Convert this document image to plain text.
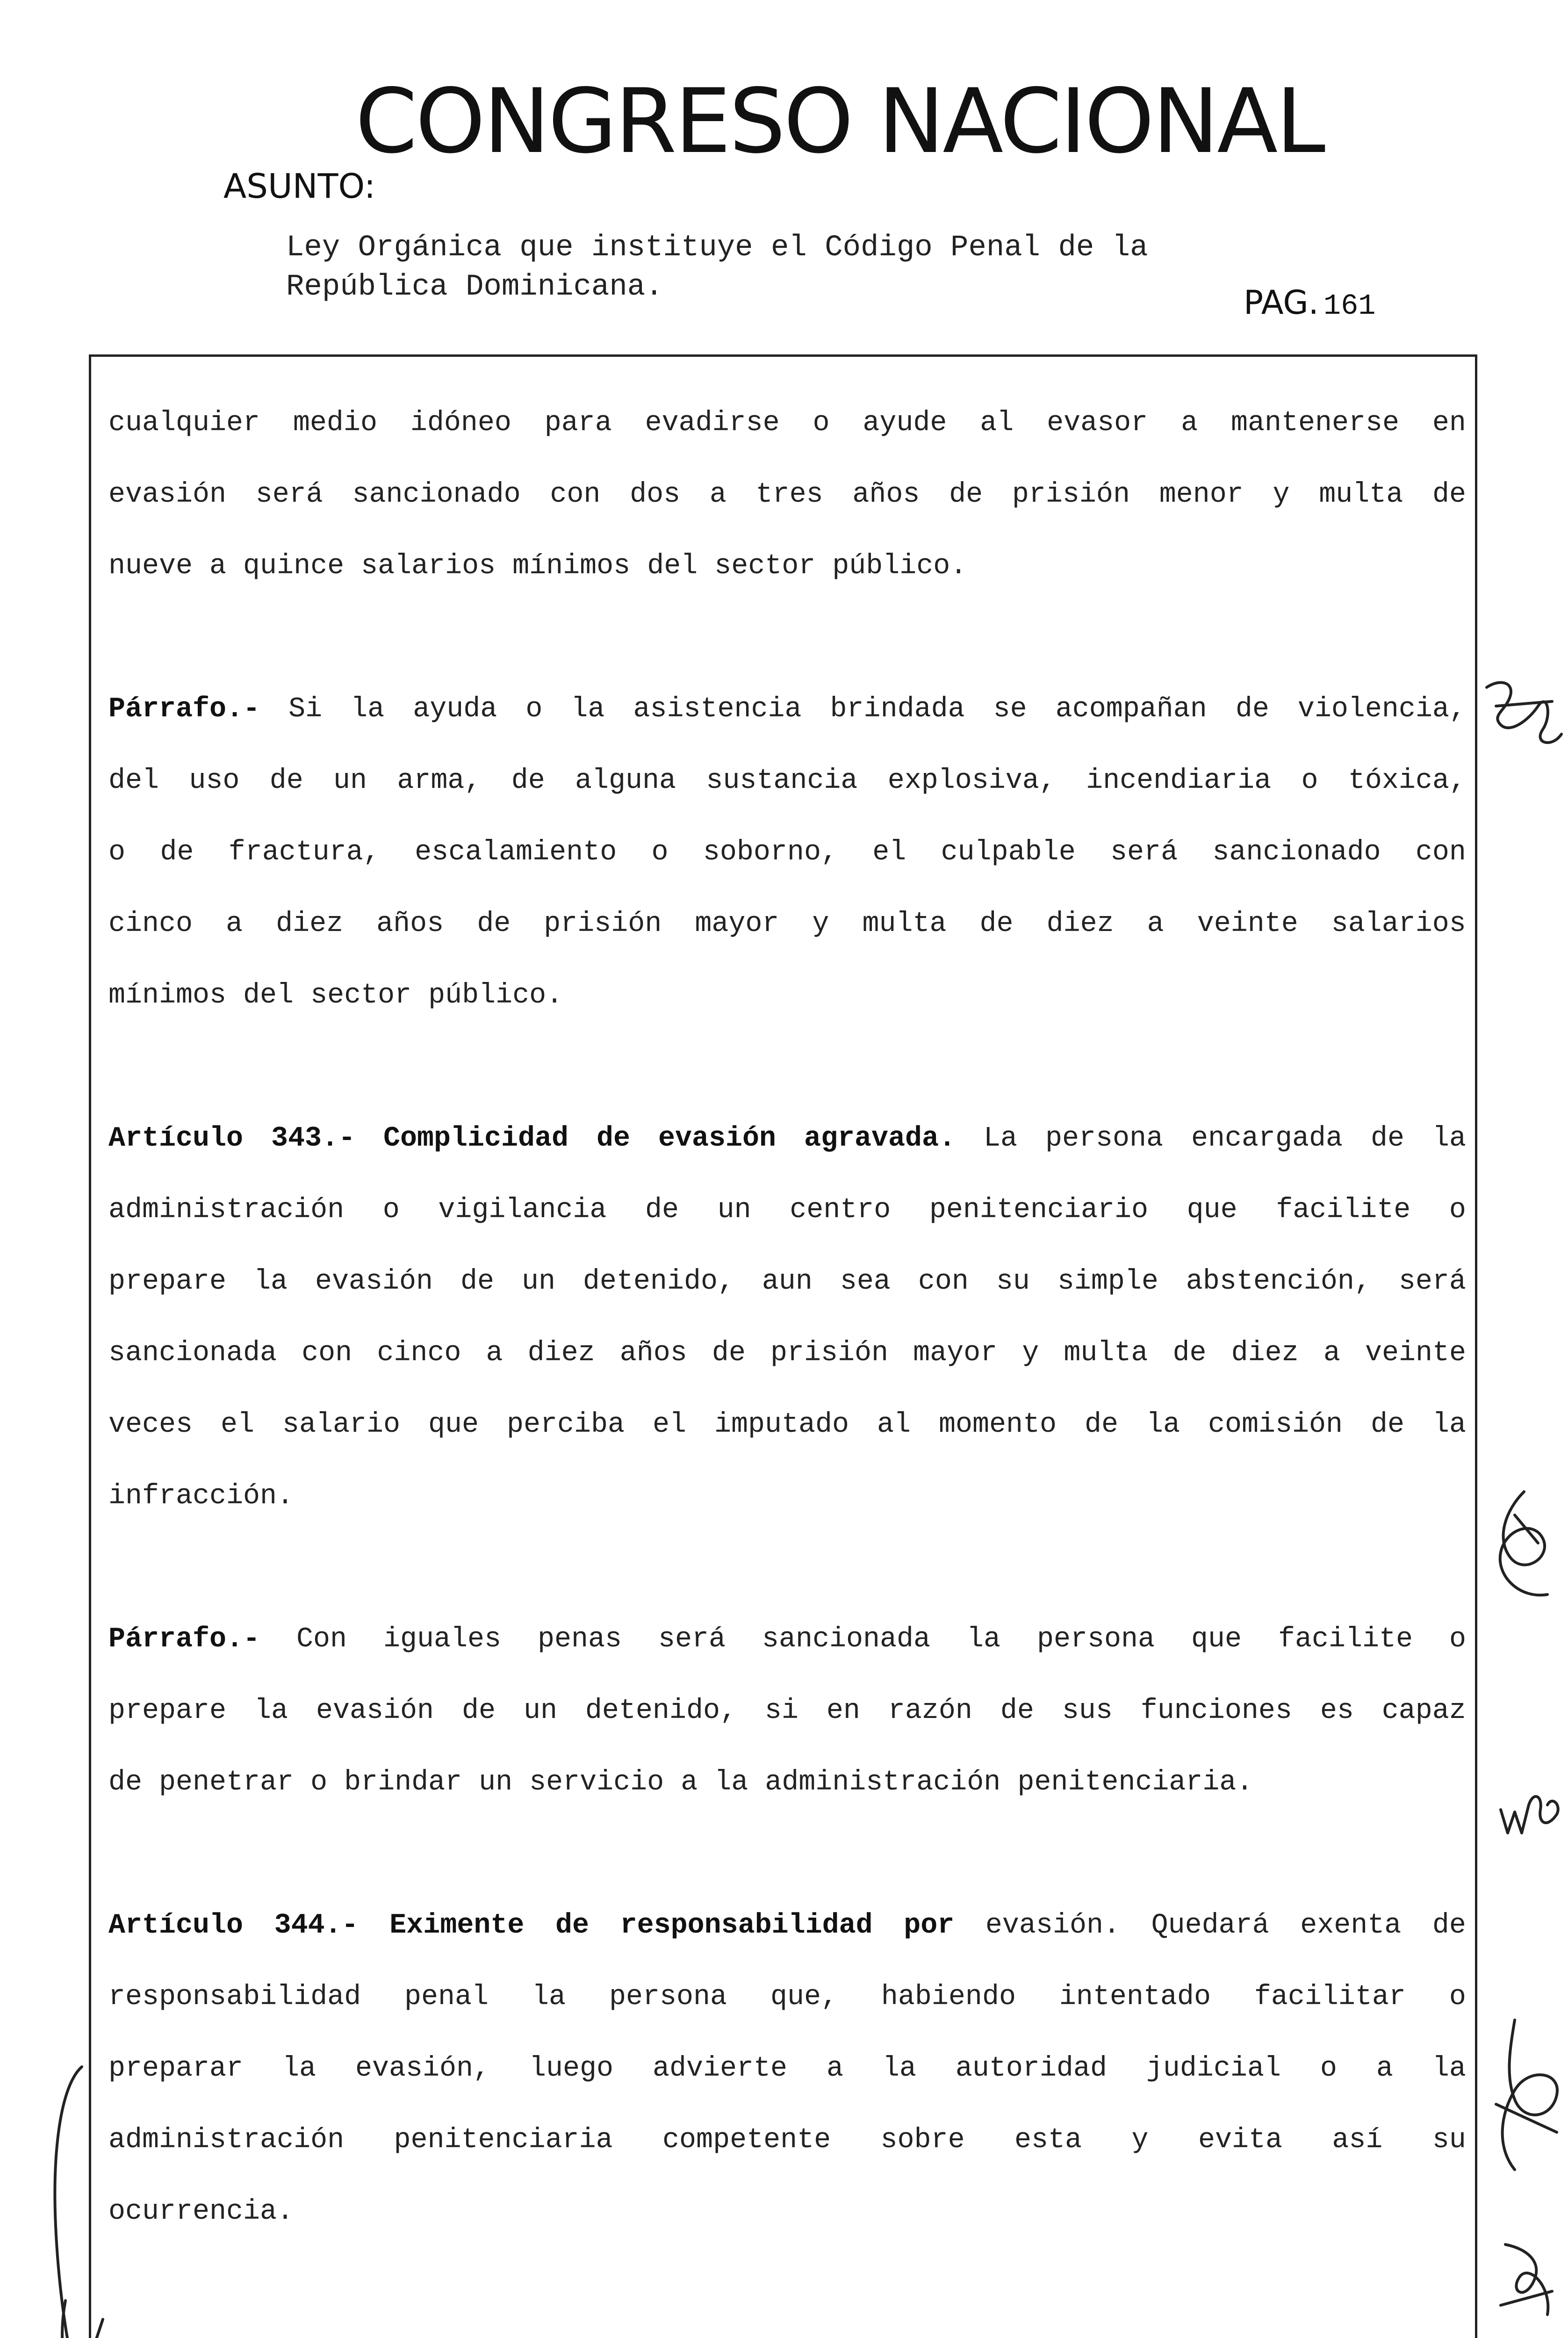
CONGRESO NACIONAL
ASUNTO:
Ley Orgánica que instituye el Código Penal de la
República Dominicana.	PAG. 161
cualquier medio idóneo para evadirse o ayude al evasor a mantenerse en
evasión será sancionado con dos a tres años de prisión menor y multa de
nueve a quince salarios mínimos del sector público.
Párrafo.- Si la ayuda o la asistencia brindada se acompañan de violencia,
del uso de un arma, de alguna sustancia explosiva, incendiaria o tóxica,
o de fractura, escalamiento o soborno, el culpable será sancionado con
cinco a diez años de prisión mayor y multa de diez a veinte salarios
mínimos del sector público.
Artículo 343.- Complicidad de evasión agravada. La persona encargada de la
administración o vigilancia de un centro penitenciario que facilite o
prepare la evasión de un detenido, aun sea con su simple abstención, será
sancionada con cinco a diez años de prisión mayor y multa de diez a veinte
veces el salario que perciba el imputado al momento de la comisión de la
infracción.
Párrafo.- Con iguales penas será sancionada la persona que facilite o
prepare la evasión de un detenido, si en razón de sus funciones es capaz
de penetrar o brindar un servicio a la administración penitenciaria.
Artículo 344.- Eximente de responsabilidad por evasión. Quedará exenta de
responsabilidad penal la persona que, habiendo intentado facilitar o
preparar la evasión, luego advierte a la autoridad judicial o a la
administración penitenciaria competente sobre esta y evita así su
ocurrencia.
